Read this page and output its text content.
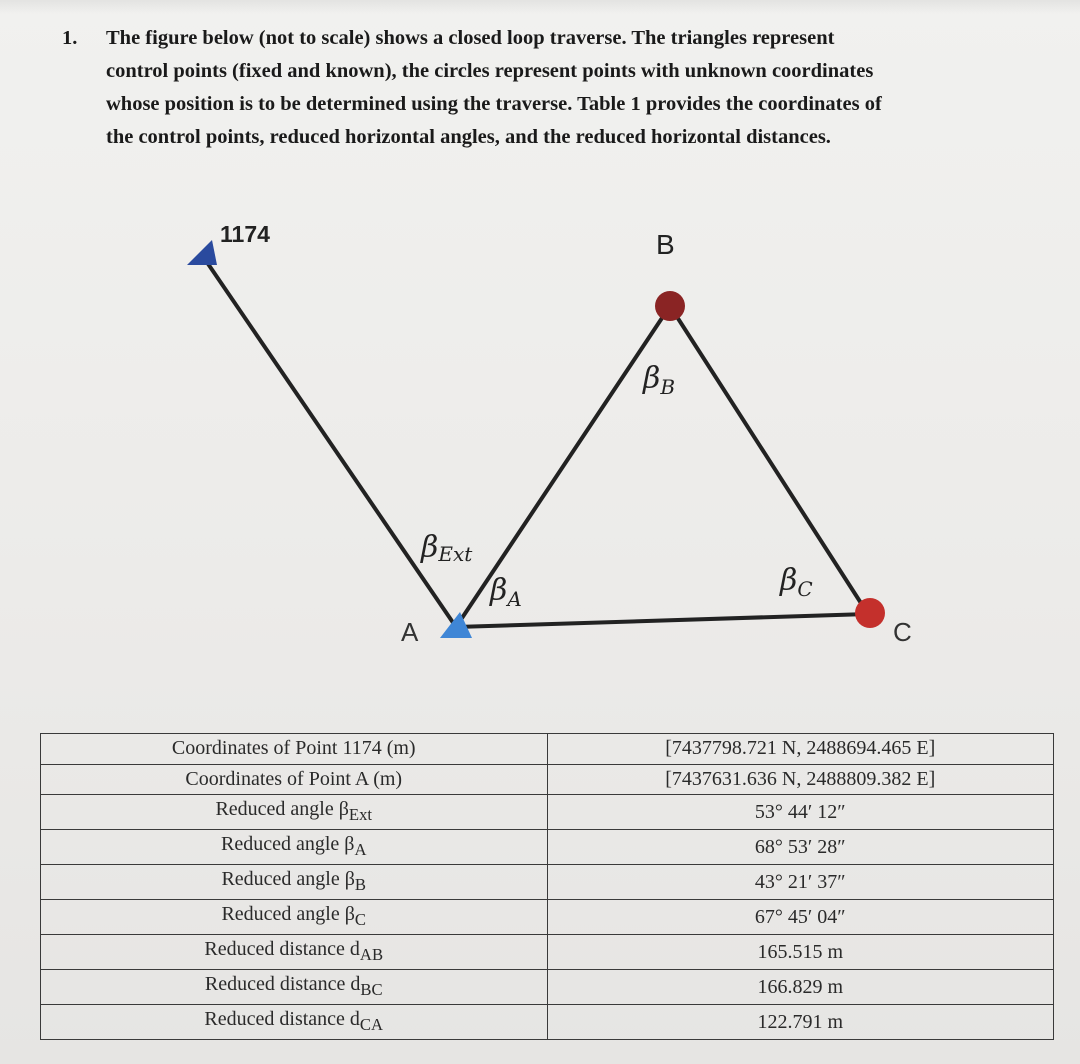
1. The figure below (not to scale) shows a closed loop traverse. The triangles represent
control points (fixed and known), the circles represent points with unknown coordinates
whose position is to be determined using the traverse. Table 1 provides the coordinates of
the control points, reduced horizontal angles, and the reduced horizontal distances.
1174	B
A	C
βExt
$\beta_A$
$\beta_B$
$\beta_C$
Coordinates of Point 1174 (m)	[7437798.721 N, 2488694.465 E]
Coordinates of Point A (m)	[7437631.636 N, 2488809.382 E]
Reduced angle $\beta_{Ext}$	53° 44′ 12″
Reduced angle $\beta_A$	68° 53′ 28″
Reduced angle $\beta_B$	43° 21′ 37″
Reduced angle $\beta_C$	67° 45′ 04″
Reduced distance $d_{AB}$	165.515 m
Reduced distance $d_{BC}$	166.829 m
Reduced distance $d_{CA}$	122.791 m
